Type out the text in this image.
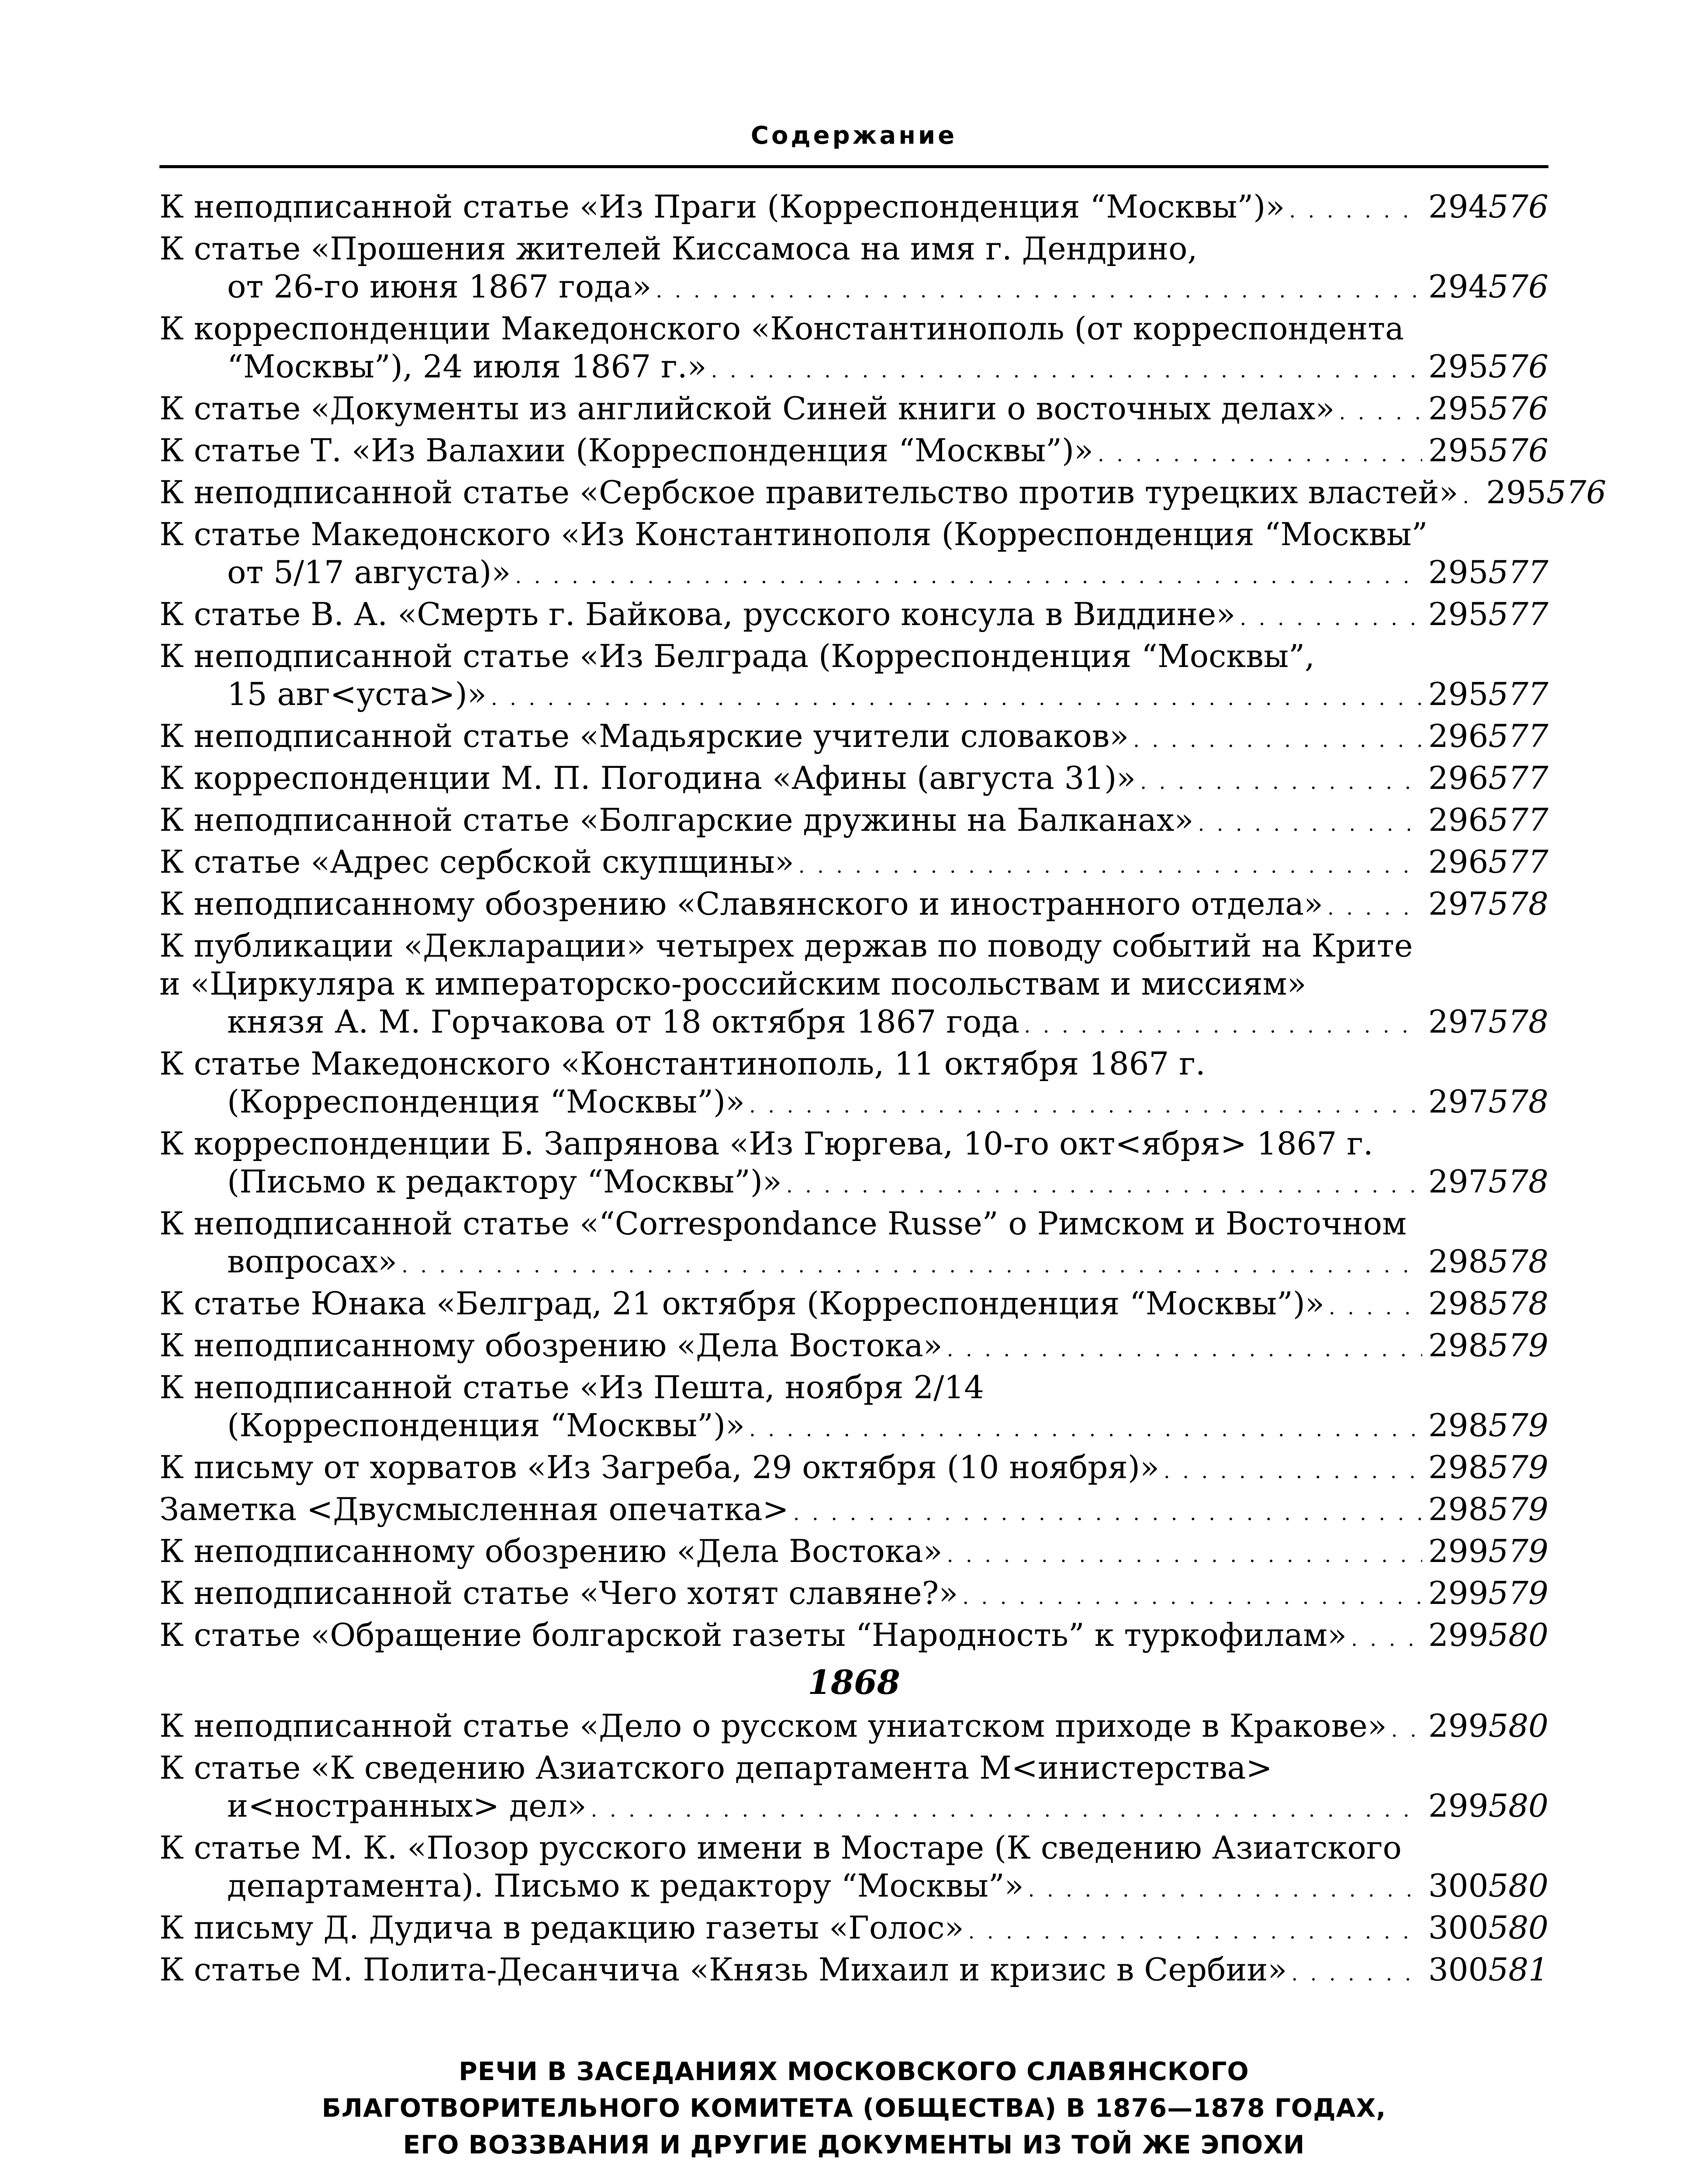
Содержание
К неподписанной статье «Из Праги (Корреспонденция “Москвы”)» . . .	294 576
К статье «Прошения жителей Киссамоса на имя г. Дендрино,
от 26-го июня 1867 года» . . .	294 576
К корреспонденции Македонского «Константинополь (от корреспондента
“Москвы”), 24 июля 1867 г.» . . .	295 576
К статье «Документы из английской Синей книги о восточных делах» . . .	295 576
К статье Т. «Из Валахии (Корреспонденция “Москвы”)» . . .	295 576
К неподписанной статье «Сербское правительство против турецких властей» . . . 295 576
К статье Македонского «Из Константинополя (Корреспонденция “Москвы”
от 5/17 августа)» . . .	295 577
К статье В. А. «Смерть г. Байкова, русского консула в Виддине» . . .	295 577
К неподписанной статье «Из Белграда (Корреспонденция “Москвы”,
15 авг<уста>)» . . .	295 577
К неподписанной статье «Мадьярские учители словаков» . . .	296 577
К корреспонденции М. П. Погодина «Афины (августа 31)» . . .	296 577
К неподписанной статье «Болгарские дружины на Балканах» . . .	296 577
К статье «Адрес сербской скупщины» . . .	296 577
К неподписанному обозрению «Славянского и иностранного отдела» . . .	297 578
К публикации «Декларации» четырех держав по поводу событий на Крите
и «Циркуляра к императорско-российским посольствам и миссиям»
князя А. М. Горчакова от 18 октября 1867 года . . .	297 578
К статье Македонского «Константинополь, 11 октября 1867 г.
(Корреспонденция “Москвы”)» . . .	297 578
К корреспонденции Б. Запрянова «Из Гюргева, 10-го окт<ября> 1867 г.
(Письмо к редактору “Москвы”)» . . .	297 578
К неподписанной статье «“Correspondance Russe” о Римском и Восточном
вопросах» . . .	298 578
К статье Юнака «Белград, 21 октября (Корреспонденция “Москвы”)» . . .	298 578
К неподписанному обозрению «Дела Востока» . . .	298 579
К неподписанной статье «Из Пешта, ноября 2/14
(Корреспонденция “Москвы”)» . . .	298 579
К письму от хорватов «Из Загреба, 29 октября (10 ноября)» . . .	298 579
Заметка <Двусмысленная опечатка> . . .	298 579
К неподписанному обозрению «Дела Востока» . . .	299 579
К неподписанной статье «Чего хотят славяне?» . . .	299 579
К статье «Обращение болгарской газеты “Народность” к туркофилам» . . .	299 580
1868
К неподписанной статье «Дело о русском униатском приходе в Кракове» . . . 299 580
К статье «К сведению Азиатского департамента М<инистерства>
и<ностранных> дел» . . .	299 580
К статье М. К. «Позор русского имени в Мостаре (К сведению Азиатского
департамента). Письмо к редактору “Москвы”» . . .	300 580
К письму Д. Дудича в редакцию газеты «Голос» . . .	300 580
К статье М. Полита-Десанчича «Князь Михаил и кризис в Сербии» . . .	300 581
РЕЧИ В ЗАСЕДАНИЯХ МОСКОВСКОГО СЛАВЯНСКОГО
БЛАГОТВОРИТЕЛЬНОГО КОМИТЕТА (ОБЩЕСТВА) В 1876—1878 ГОДАХ,
ЕГО ВОЗЗВАНИЯ И ДРУГИЕ ДОКУМЕНТЫ ИЗ ТОЙ ЖЕ ЭПОХИ
